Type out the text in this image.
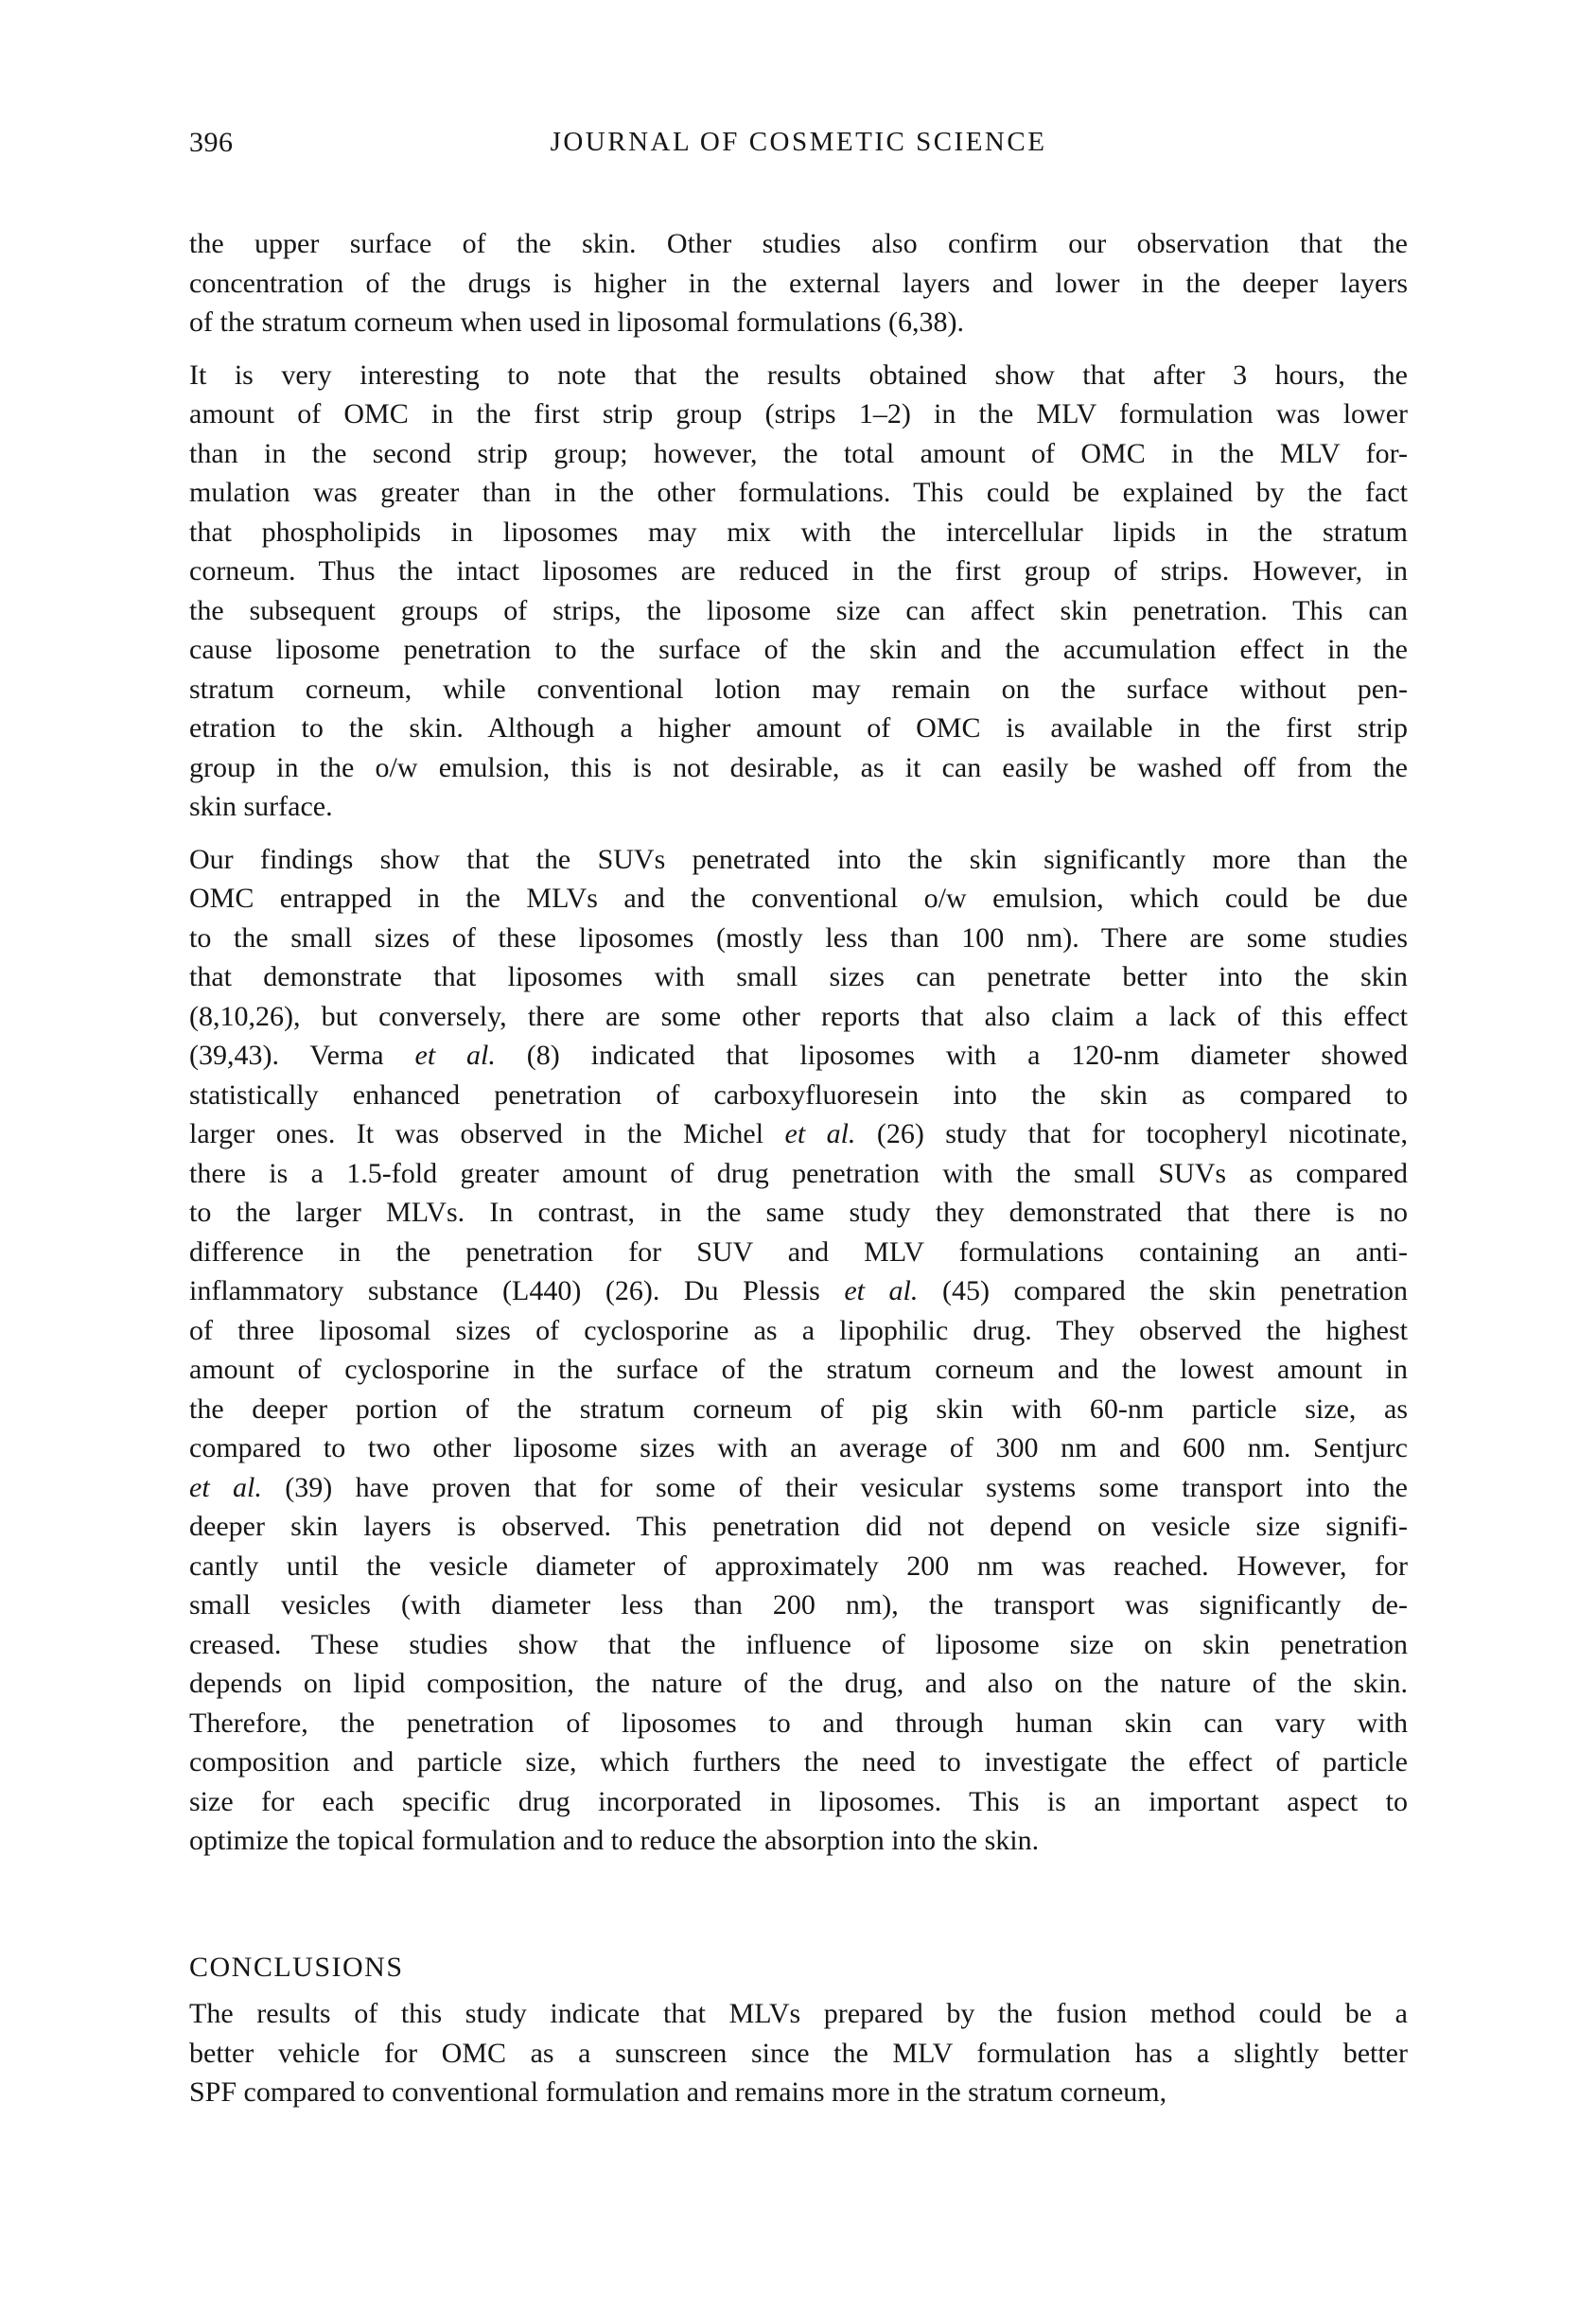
396	JOURNAL OF COSMETIC SCIENCE
the upper surface of the skin. Other studies also confirm our observation that the
concentration of the drugs is higher in the external layers and lower in the deeper layers
of the stratum corneum when used in liposomal formulations (6,38).
It is very interesting to note that the results obtained show that after 3 hours, the
amount of OMC in the first strip group (strips 1–2) in the MLV formulation was lower
than in the second strip group; however, the total amount of OMC in the MLV for-
mulation was greater than in the other formulations. This could be explained by the fact
that phospholipids in liposomes may mix with the intercellular lipids in the stratum
corneum. Thus the intact liposomes are reduced in the first group of strips. However, in
the subsequent groups of strips, the liposome size can affect skin penetration. This can
cause liposome penetration to the surface of the skin and the accumulation effect in the
stratum corneum, while conventional lotion may remain on the surface without pen-
etration to the skin. Although a higher amount of OMC is available in the first strip
group in the o/w emulsion, this is not desirable, as it can easily be washed off from the
skin surface.
Our findings show that the SUVs penetrated into the skin significantly more than the
OMC entrapped in the MLVs and the conventional o/w emulsion, which could be due
to the small sizes of these liposomes (mostly less than 100 nm). There are some studies
that demonstrate that liposomes with small sizes can penetrate better into the skin
(8,10,26), but conversely, there are some other reports that also claim a lack of this effect
(39,43). Verma et al. (8) indicated that liposomes with a 120-nm diameter showed
statistically enhanced penetration of carboxyfluoresein into the skin as compared to
larger ones. It was observed in the Michel et al. (26) study that for tocopheryl nicotinate,
there is a 1.5-fold greater amount of drug penetration with the small SUVs as compared
to the larger MLVs. In contrast, in the same study they demonstrated that there is no
difference in the penetration for SUV and MLV formulations containing an anti-
inflammatory substance (L440) (26). Du Plessis et al. (45) compared the skin penetration
of three liposomal sizes of cyclosporine as a lipophilic drug. They observed the highest
amount of cyclosporine in the surface of the stratum corneum and the lowest amount in
the deeper portion of the stratum corneum of pig skin with 60-nm particle size, as
compared to two other liposome sizes with an average of 300 nm and 600 nm. Sentjurc
et al. (39) have proven that for some of their vesicular systems some transport into the
deeper skin layers is observed. This penetration did not depend on vesicle size signifi-
cantly until the vesicle diameter of approximately 200 nm was reached. However, for
small vesicles (with diameter less than 200 nm), the transport was significantly de-
creased. These studies show that the influence of liposome size on skin penetration
depends on lipid composition, the nature of the drug, and also on the nature of the skin.
Therefore, the penetration of liposomes to and through human skin can vary with
composition and particle size, which furthers the need to investigate the effect of particle
size for each specific drug incorporated in liposomes. This is an important aspect to
optimize the topical formulation and to reduce the absorption into the skin.
CONCLUSIONS
The results of this study indicate that MLVs prepared by the fusion method could be a
better vehicle for OMC as a sunscreen since the MLV formulation has a slightly better
SPF compared to conventional formulation and remains more in the stratum corneum,
